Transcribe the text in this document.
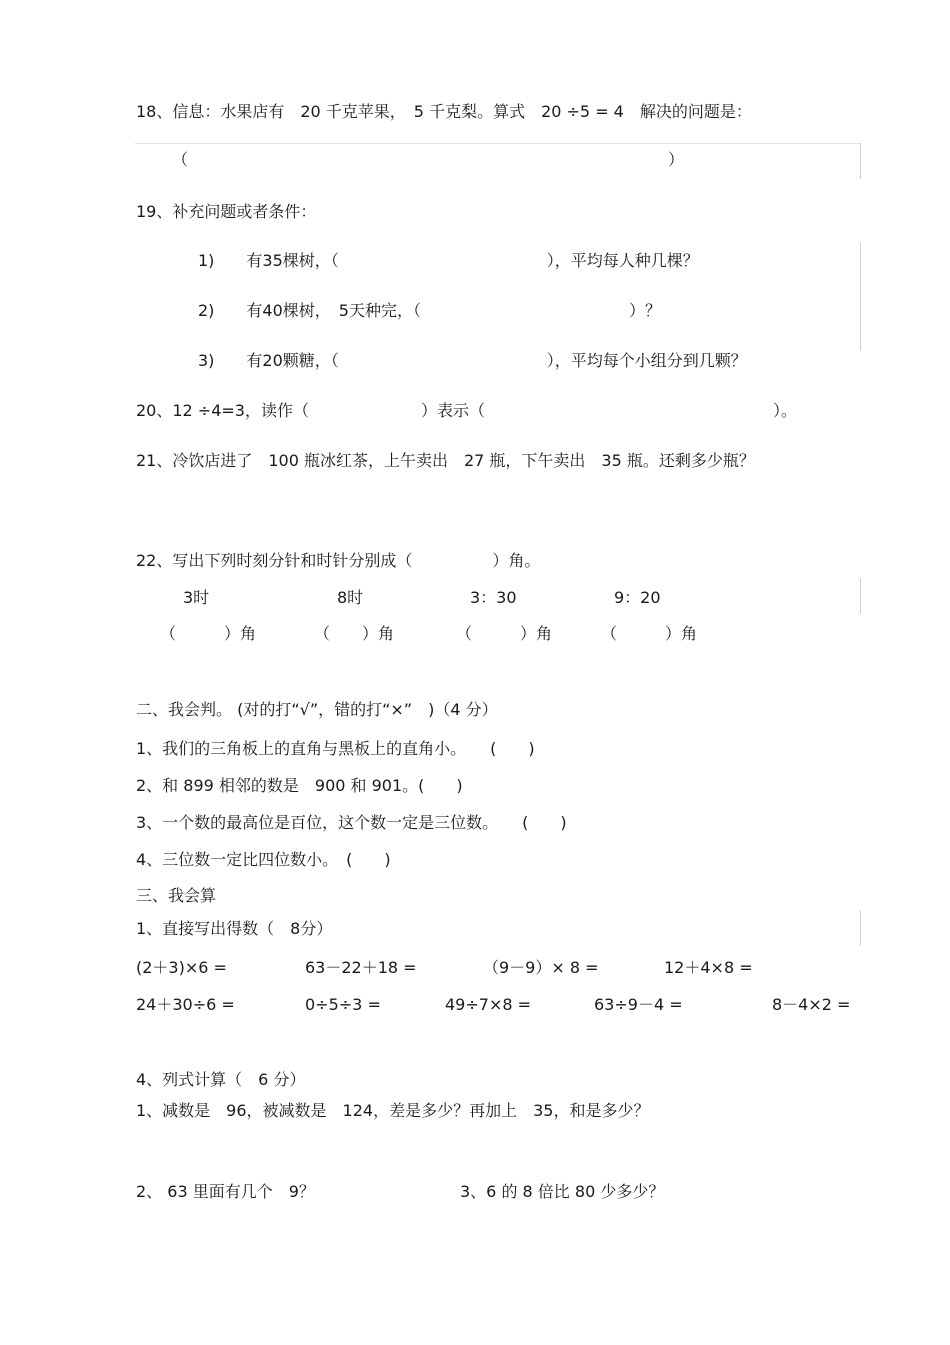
18、信息：水果店有　20 千克苹果，　5 千克梨。算式　20 ÷5 = 4　解决的问题是：
（　　　　　　　　　　　　　　　　　　　　　　　　　　　　　　）
19、补充问题或者条件：
1)　　有35棵树，（　　　　　　　　　　　　　），平均每人种几棵？
2)　　有40棵树，　5天种完，（　　　　　　　　　　　　　）？
3)　　有20颗糖，（　　　　　　　　　　　　　），平均每个小组分到几颗？
20、12 ÷4=3，读作（　　　　　　　）表示（　　　　　　　　　　　　　　　　　　）。
21、冷饮店进了　100 瓶冰红茶，上午卖出　27 瓶，下午卖出　35 瓶。还剩多少瓶？
22、写出下列时刻分针和时针分别成（　　　　　）角。
3时	8时	3：30	9：20
（　　　）角	（　　）角	（　　　）角	（　　　）角
二、我会判。 (对的打“√”，错的打“×”　)（4 分）
1、我们的三角板上的直角与黑板上的直角小。　　(　　)
2、和 899 相邻的数是　900 和 901。(　　)
3、一个数的最高位是百位，这个数一定是三位数。　　(　　)
4、三位数一定比四位数小。　(　　)
三、我会算
1、直接写出得数（　8分）
(2＋3)×6 =	63－22＋18 =	（9－9）× 8 =	12＋4×8 =
24＋30÷6 =	0÷5÷3 =	49÷7×8 =	63÷9－4 =	8－4×2 =
4、列式计算（　6 分）
1、减数是　96，被减数是　124，差是多少？再加上　35，和是多少？
2、 63 里面有几个　9？	3、6 的 8 倍比 80 少多少？
